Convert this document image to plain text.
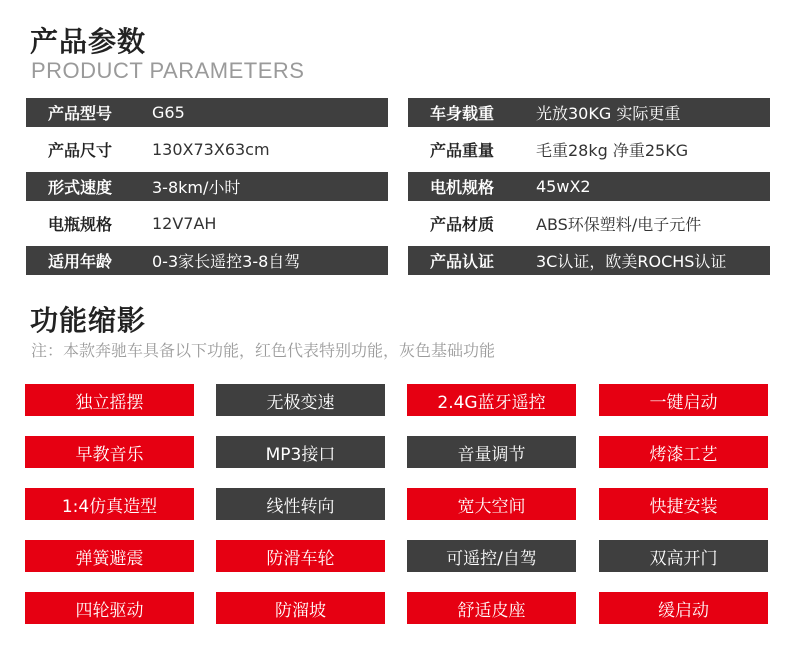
产品参数
PRODUCT PARAMETERS
产品型号	G65
产品尺寸	130X73X63cm
形式速度	3-8km/小时
电瓶规格	12V7AH
适用年龄	0-3家长遥控3-8自驾
车身载重	光放30KG 实际更重
产品重量	毛重28kg 净重25KG
电机规格	45wX2
产品材质	ABS环保塑料/电子元件
产品认证	3C认证，欧美ROCHS认证
功能缩影
注：本款奔驰车具备以下功能，红色代表特别功能，灰色基础功能
独立摇摆	无极变速	2.4G蓝牙遥控	一键启动
早教音乐	MP3接口	音量调节	烤漆工艺
1:4仿真造型	线性转向	宽大空间	快捷安装
弹簧避震	防滑车轮	可遥控/自驾	双高开门
四轮驱动	防溜坡	舒适皮座	缓启动
